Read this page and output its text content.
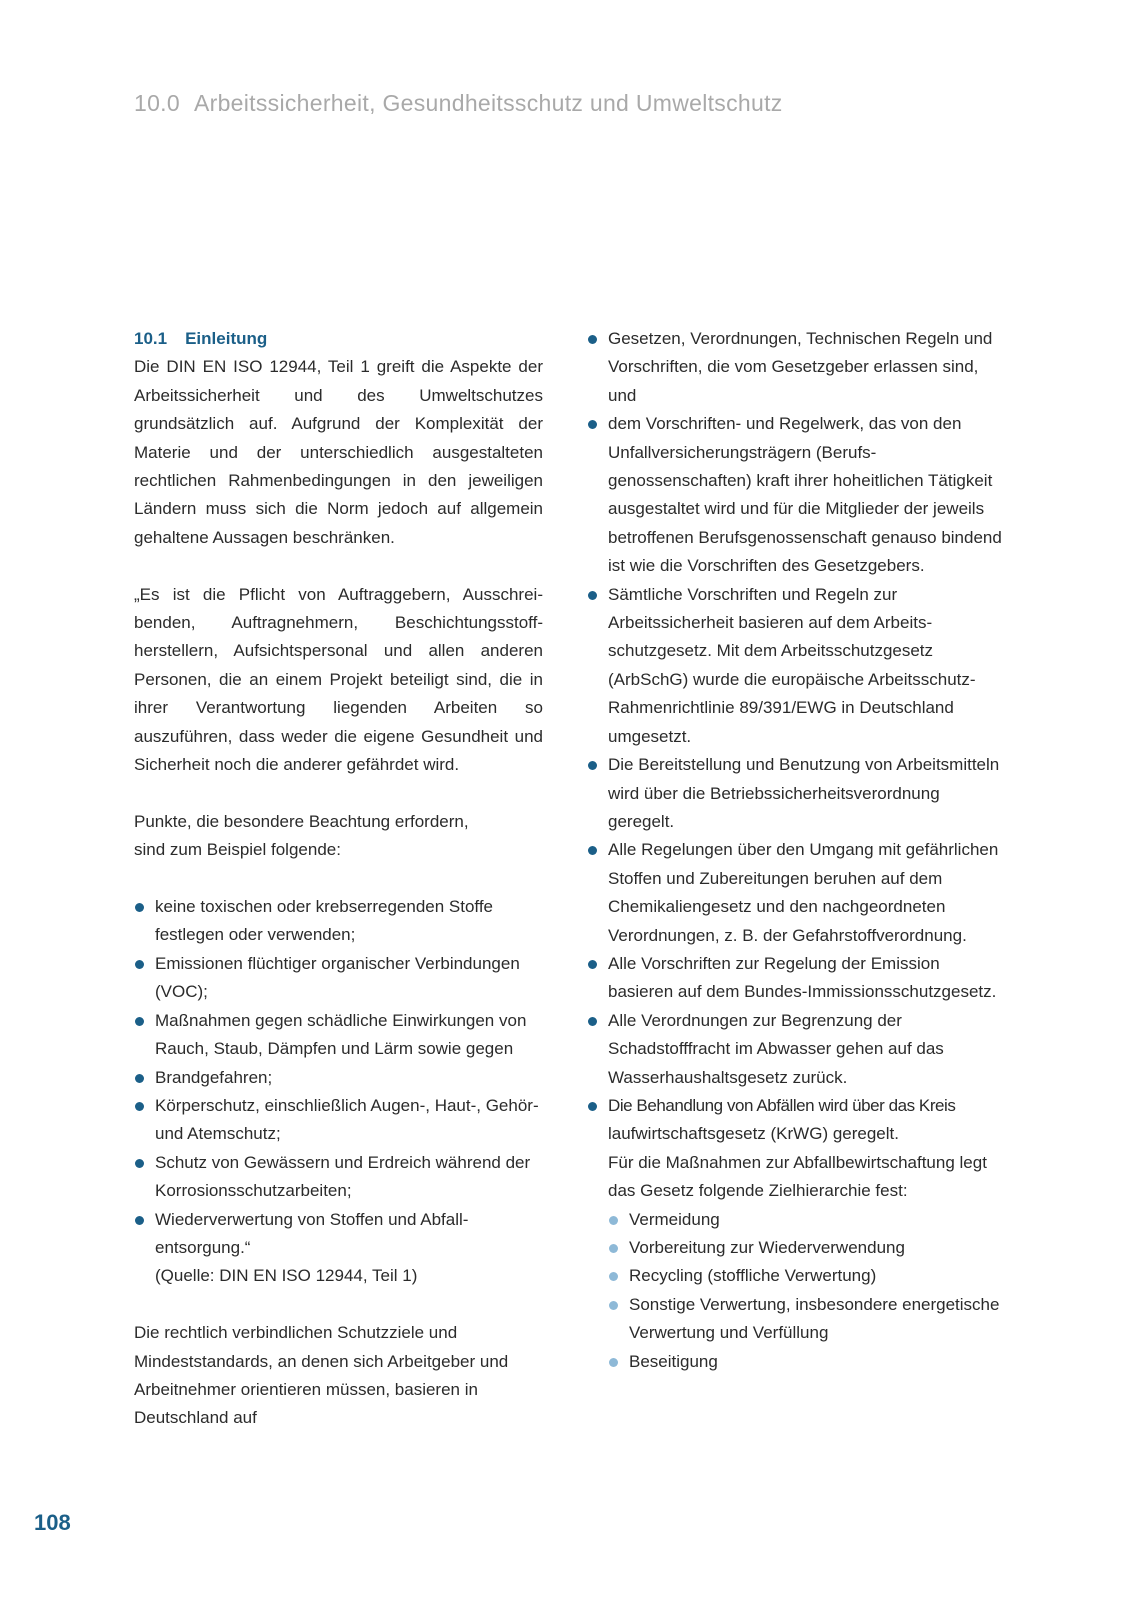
10.0 Arbeitssicherheit, Gesundheitsschutz und Umweltschutz
10.1 Einleitung

Die DIN EN ISO 12944, Teil 1 greift die Aspekte der Arbeitssicherheit und des Umweltschutzes grundsätzlich auf. Aufgrund der Komplexität der Materie und der unterschiedlich ausgestalteten rechtlichen Rahmenbedingungen in den jeweiligen Ländern muss sich die Norm jedoch auf allgemein gehaltene Aussagen beschränken.

„Es ist die Pflicht von Auftraggebern, Ausschreibenden, Auftragnehmern, Beschichtungsstoffherstellern, Aufsichtspersonal und allen anderen Personen, die an einem Projekt beteiligt sind, die in ihrer Verantwortung liegenden Arbeiten so auszuführen, dass weder die eigene Gesundheit und Sicherheit noch die anderer gefährdet wird.

Punkte, die besondere Beachtung erfordern,
sind zum Beispiel folgende:

keine toxischen oder krebserregenden Stoffe festlegen oder verwenden;
Emissionen flüchtiger organischer Verbindungen (VOC);
Maßnahmen gegen schädliche Einwirkungen von Rauch, Staub, Dämpfen und Lärm sowie gegen
Brandgefahren;
Körperschutz, einschließlich Augen-, Haut-, Gehör- und Atemschutz;
Schutz von Gewässern und Erdreich während der Korrosionsschutzarbeiten;
Wiederverwertung von Stoffen und Abfallentsorgung.“

(Quelle: DIN EN ISO 12944, Teil 1)

Die rechtlich verbindlichen Schutzziele und Mindeststandards, an denen sich Arbeitgeber und Arbeitnehmer orientieren müssen, basieren in Deutschland auf

Gesetzen, Verordnungen, Technischen Regeln und Vorschriften, die vom Gesetzgeber erlassen sind, und
dem Vorschriften- und Regelwerk, das von den Unfallversicherungsträgern (Berufsgenossenschaften) kraft ihrer hoheitlichen Tätigkeit ausgestaltet wird und für die Mitglieder der jeweils betroffenen Berufsgenossenschaft genauso bindend ist wie die Vorschriften des Gesetzgebers.
Sämtliche Vorschriften und Regeln zur Arbeitssicherheit basieren auf dem Arbeitsschutzgesetz. Mit dem Arbeitsschutzgesetz (ArbSchG) wurde die europäische Arbeitsschutz-Rahmenrichtlinie 89/391/EWG in Deutschland umgesetzt.
Die Bereitstellung und Benutzung von Arbeitsmitteln wird über die Betriebssicherheitsverordnung geregelt.
Alle Regelungen über den Umgang mit gefährlichen Stoffen und Zubereitungen beruhen auf dem Chemikaliengesetz und den nachgeordneten Verordnungen, z. B. der Gefahrstoffverordnung.
Alle Vorschriften zur Regelung der Emission basieren auf dem Bundes-Immissionsschutzgesetz.
Alle Verordnungen zur Begrenzung der Schadstofffracht im Abwasser gehen auf das Wasserhaushaltsgesetz zurück.
Die Behandlung von Abfällen wird über das Kreis
laufwirtschaftsgesetz (KrWG) geregelt.
Für die Maßnahmen zur Abfallbewirtschaftung legt das Gesetz folgende Zielhierarchie fest:
Vermeidung
Vorbereitung zur Wiederverwendung
Recycling (stoffliche Verwertung)
Sonstige Verwertung, insbesondere energetische Verwertung und Verfüllung
Beseitigung

108
